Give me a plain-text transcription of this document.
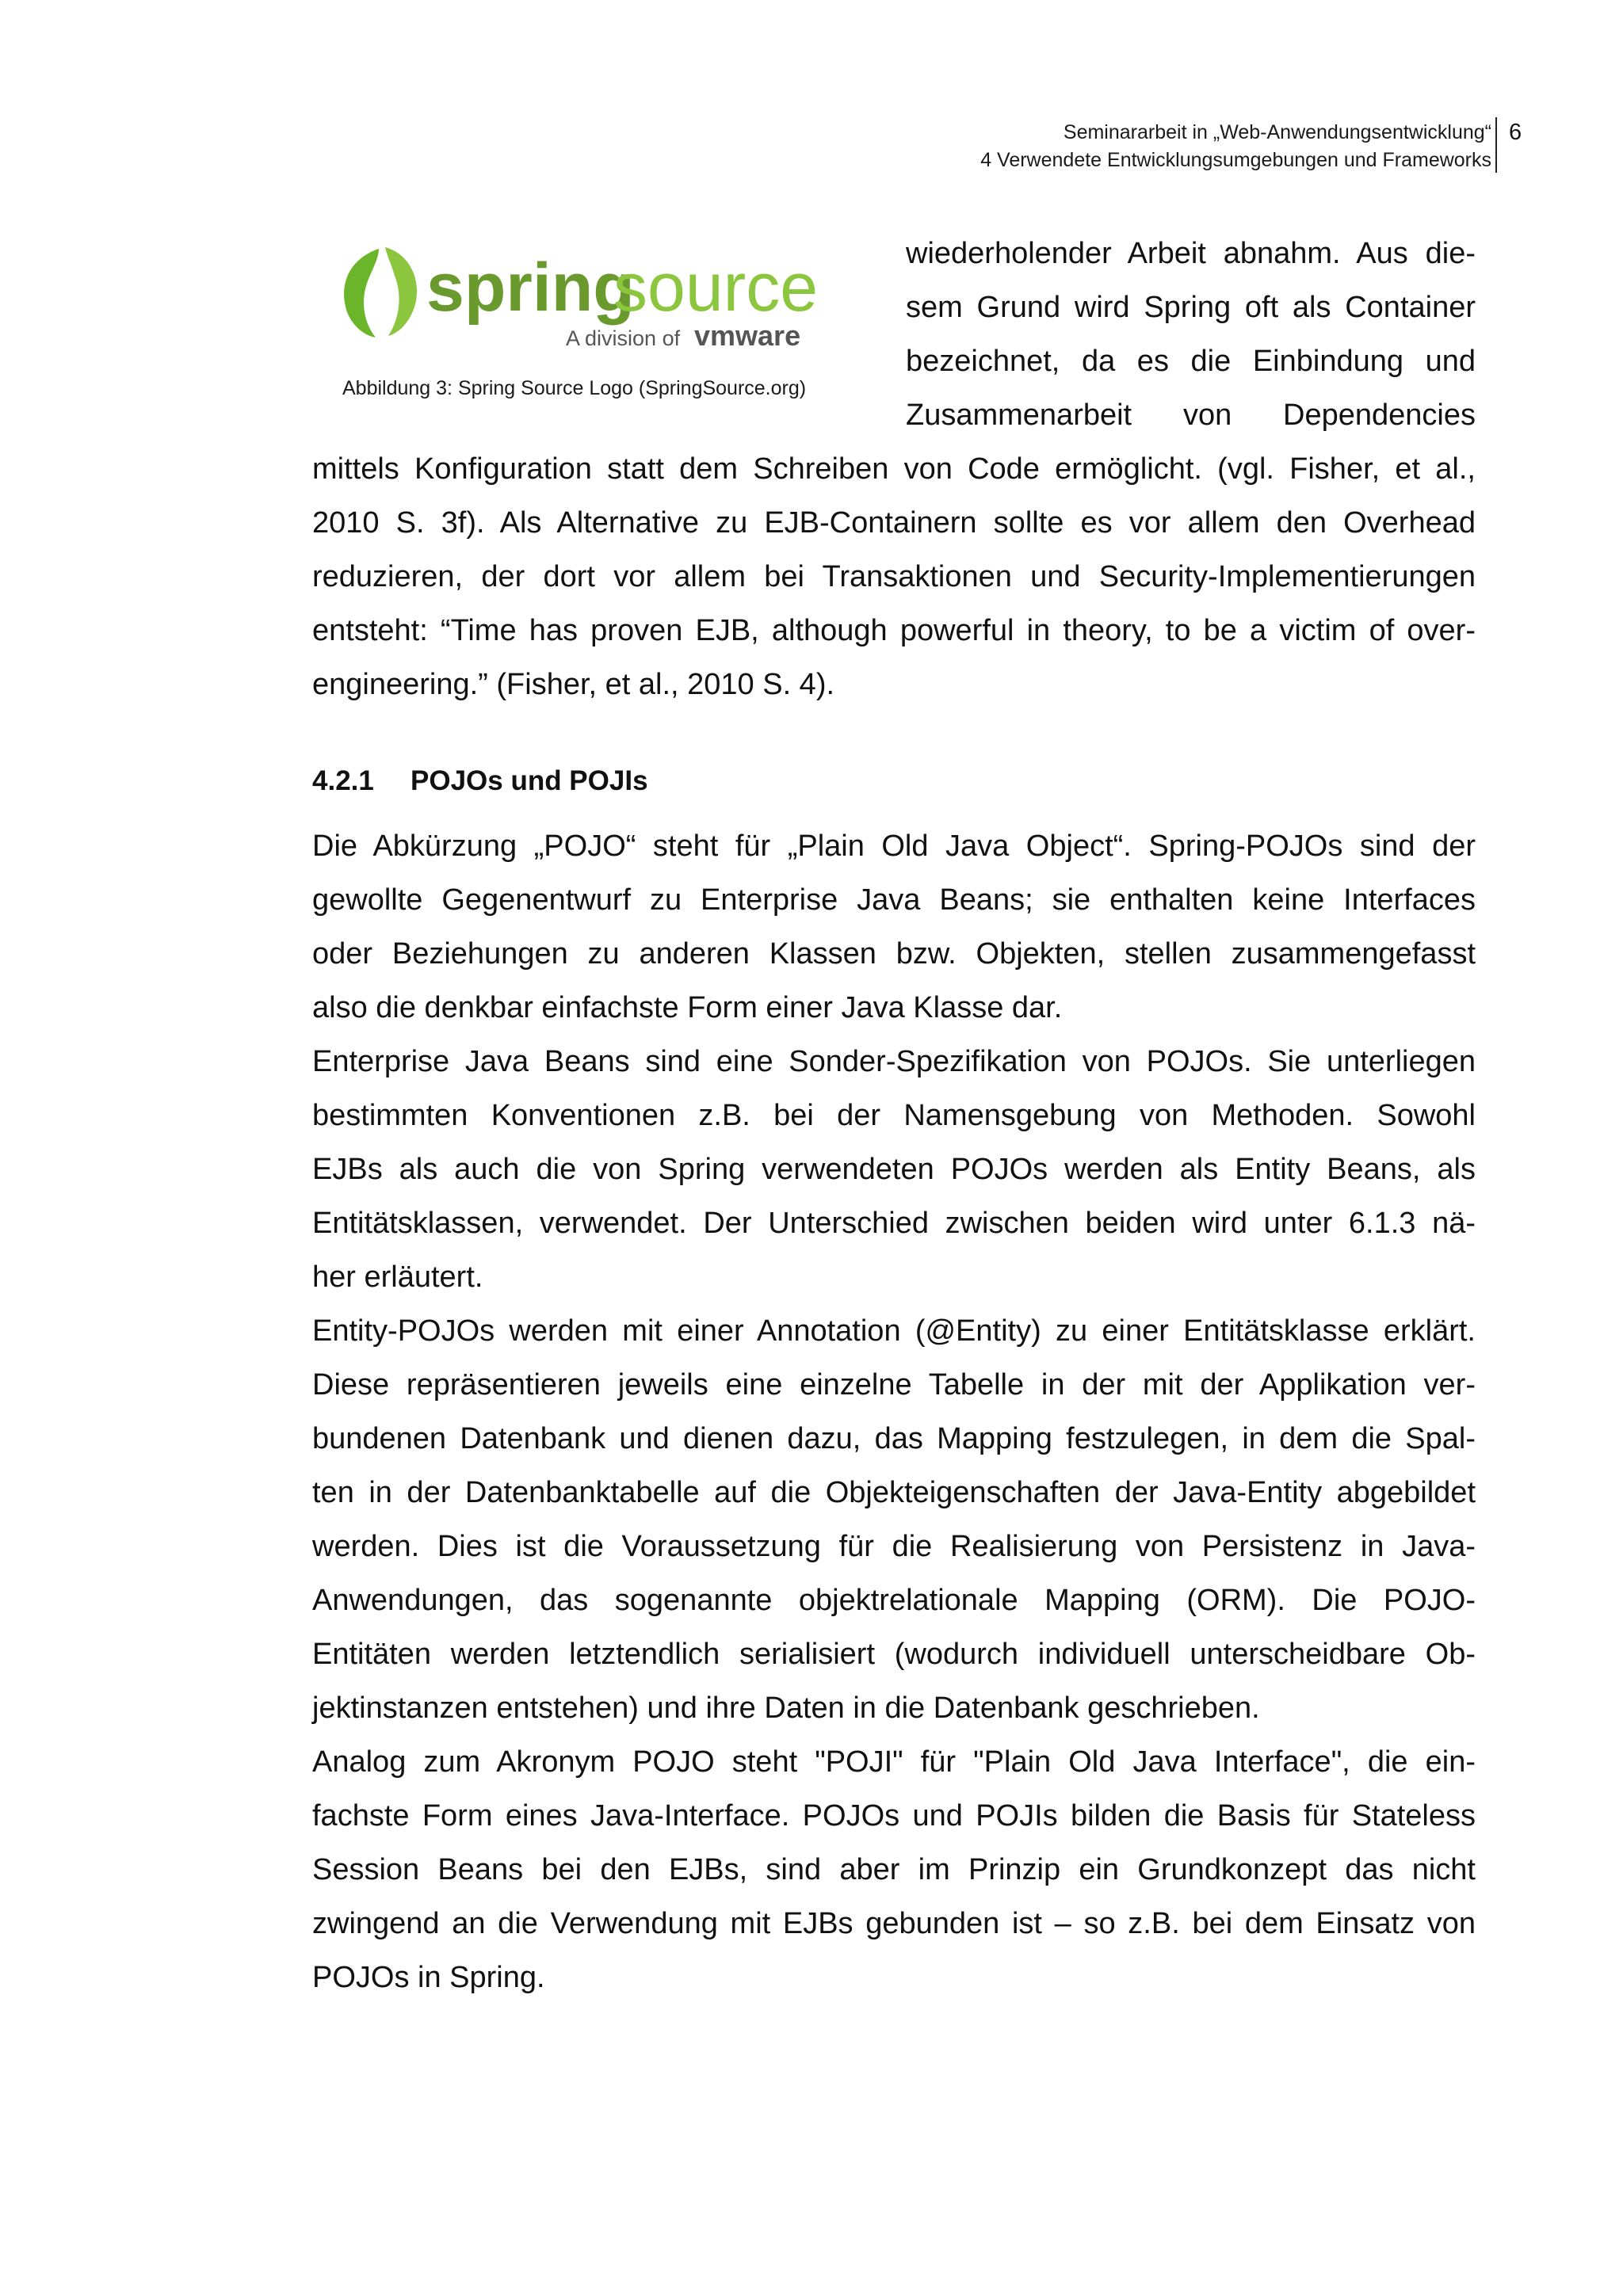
Seminararbeit in „Web-Anwendungsentwicklung“
4 Verwendete Entwicklungsumgebungen und Frameworks
6
spring
source
A division of vmware
Abbildung 3: Spring Source Logo (SpringSource.org)
wiederholender Arbeit abnahm. Aus die-
sem Grund wird Spring oft als Container
bezeichnet, da es die Einbindung und
Zusammenarbeit von Dependencies
mittels Konfiguration statt dem Schreiben von Code ermöglicht. (vgl. Fisher, et al.,
2010 S. 3f). Als Alternative zu EJB-Containern sollte es vor allem den Overhead
reduzieren, der dort vor allem bei Transaktionen und Security-Implementierungen
entsteht: “Time has proven EJB, although powerful in theory, to be a victim of over-
engineering.” (Fisher, et al., 2010 S. 4).
4.2.1 POJOs und POJIs
Die Abkürzung „POJO“ steht für „Plain Old Java Object“. Spring-POJOs sind der
gewollte Gegenentwurf zu Enterprise Java Beans; sie enthalten keine Interfaces
oder Beziehungen zu anderen Klassen bzw. Objekten, stellen zusammengefasst
also die denkbar einfachste Form einer Java Klasse dar.
Enterprise Java Beans sind eine Sonder-Spezifikation von POJOs. Sie unterliegen
bestimmten Konventionen z.B. bei der Namensgebung von Methoden. Sowohl
EJBs als auch die von Spring verwendeten POJOs werden als Entity Beans, als
Entitätsklassen, verwendet. Der Unterschied zwischen beiden wird unter 6.1.3 nä-
her erläutert.
Entity-POJOs werden mit einer Annotation (@Entity) zu einer Entitätsklasse erklärt.
Diese repräsentieren jeweils eine einzelne Tabelle in der mit der Applikation ver-
bundenen Datenbank und dienen dazu, das Mapping festzulegen, in dem die Spal-
ten in der Datenbanktabelle auf die Objekteigenschaften der Java-Entity abgebildet
werden. Dies ist die Voraussetzung für die Realisierung von Persistenz in Java-
Anwendungen, das sogenannte objektrelationale Mapping (ORM). Die POJO-
Entitäten werden letztendlich serialisiert (wodurch individuell unterscheidbare Ob-
jektinstanzen entstehen) und ihre Daten in die Datenbank geschrieben.
Analog zum Akronym POJO steht "POJI" für "Plain Old Java Interface", die ein-
fachste Form eines Java-Interface. POJOs und POJIs bilden die Basis für Stateless
Session Beans bei den EJBs, sind aber im Prinzip ein Grundkonzept das nicht
zwingend an die Verwendung mit EJBs gebunden ist – so z.B. bei dem Einsatz von
POJOs in Spring.
